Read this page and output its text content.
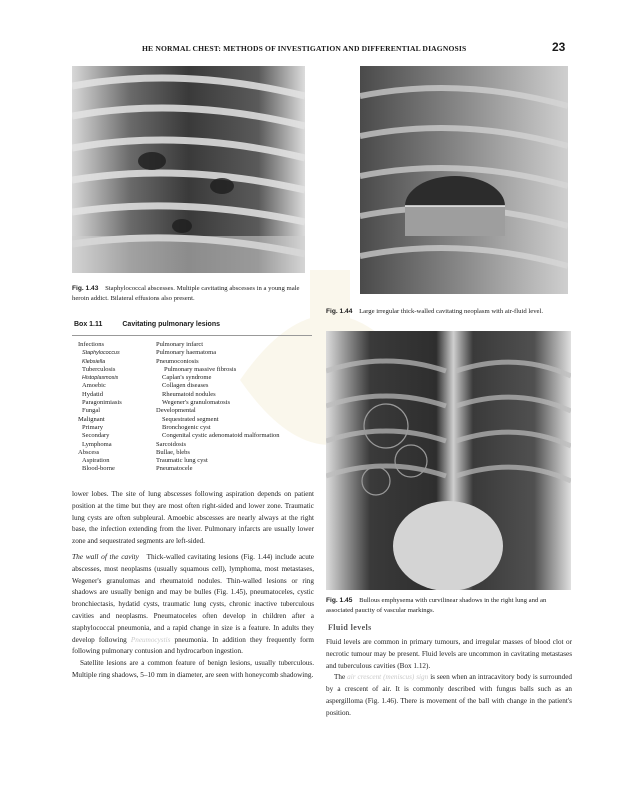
HE NORMAL CHEST: METHODS OF INVESTIGATION AND DIFFERENTIAL DIAGNOSIS	23
Fig. 1.43 Staphylococcal abscesses. Multiple cavitating abscesses in a young male heroin addict. Bilateral effusions also present.
Fig. 1.44 Large irregular thick-walled cavitating neoplasm with air-fluid level.
Fig. 1.45 Bullous emphysema with curvilinear shadows in the right lung and an associated paucity of vascular markings.
Box 1.11	Cavitating pulmonary lesions
Infections
Staphylococcus
Klebsiella
Tuberculosis
Histoplasmosis
Amoebic
Hydatid
Paragonimiasis
Fungal
Malignant
Primary
Secondary
Lymphoma
Abscess
Aspiration
Blood-borne
Pulmonary infarct
Pulmonary haematoma
Pneumoconiosis
Pulmonary massive fibrosis
Caplan's syndrome
Collagen diseases
Rheumatoid nodules
Wegener's granulomatosis
Developmental
Sequestrated segment
Bronchogenic cyst
Congenital cystic adenomatoid malformation
Sarcoidosis
Bullae, blebs
Traumatic lung cyst
Pneumatocele

lower lobes. The site of lung abscesses following aspiration depends on patient position at the time but they are most often right-sided and lower zone. Traumatic lung cysts are often subpleural. Amoebic abscesses are nearly always at the right base, the infection extending from the liver. Pulmonary infarcts are usually lower zone and sequestrated segments are left-sided.

The wall of the cavity Thick-walled cavitating lesions (Fig. 1.44) include acute abscesses, most neoplasms (usually squamous cell), lymphoma, most metastases, Wegener's granulomas and rheumatoid nodules. Thin-walled lesions or ring shadows are usually benign and may be bulles (Fig. 1.45), pneumatoceles, cystic bronchiectasis, hydatid cysts, traumatic lung cysts, chronic inactive tuberculous cavities and neoplasms. Pneumatoceles often develop in children after a staphylococcal pneumonia, and a rapid change in size is a feature. In adults they develop following Pneumocystis pneumonia. In addition they frequently form following pulmonary contusion and hydrocarbon ingestion.

Satellite lesions are a common feature of benign lesions, usually tuberculous. Multiple ring shadows, 5–10 mm in diameter, are seen with honeycomb shadowing.

Fluid levels

Fluid levels are common in primary tumours, and irregular masses of blood clot or necrotic tumour may be present. Fluid levels are uncommon in cavitating metastases and tuberculous cavities (Box 1.12).

The air crescent (meniscus) sign is seen when an intracavitory body is surrounded by a crescent of air. It is commonly described with fungus balls such as an aspergilloma (Fig. 1.46). There is movement of the ball with change in the patient's position.
